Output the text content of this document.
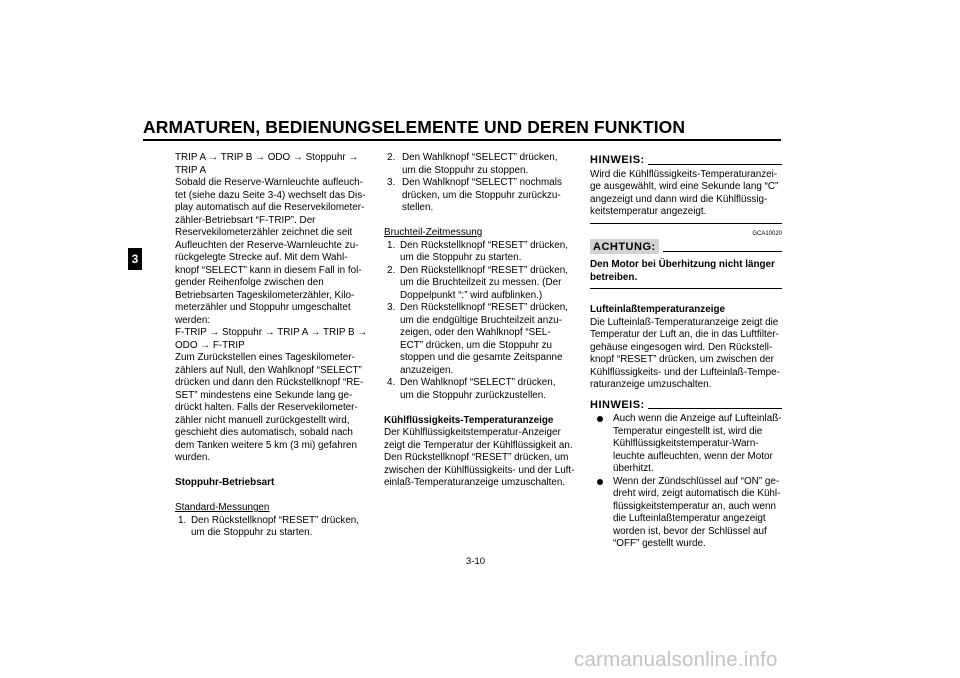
ARMATUREN, BEDIENUNGSELEMENTE UND DEREN FUNKTION
3

TRIP A → TRIP B → ODO → Stoppuhr →

TRIP A

Sobald die Reserve-Warnleuchte aufleuch-

tet (siehe dazu Seite 3-4) wechselt das Dis-

play automatisch auf die Reservekilometer-

zähler-Betriebsart “F-TRIP”. Der

Reservekilometerzähler zeichnet die seit

Aufleuchten der Reserve-Warnleuchte zu-

rückgelegte Strecke auf. Mit dem Wahl-

knopf “SELECT” kann in diesem Fall in fol-

gender Reihenfolge zwischen den

Betriebsarten Tageskilometerzähler, Kilo-

meterzähler und Stoppuhr umgeschaltet

werden:

F-TRIP → Stoppuhr → TRIP A → TRIP B →

ODO → F-TRIP

Zum Zurückstellen eines Tageskilometer-

zählers auf Null, den Wahlknopf “SELECT”

drücken und dann den Rückstellknopf “RE-

SET” mindestens eine Sekunde lang ge-

drückt halten. Falls der Reservekilometer-

zähler nicht manuell zurückgestellt wird,

geschieht dies automatisch, sobald nach

dem Tanken weitere 5 km (3 mi) gefahren

wurden.

Stoppuhr-Betriebsart

Standard-Messungen

1. Den Rückstellknopf “RESET” drücken,
um die Stoppuhr zu starten.
2. Den Wahlknopf “SELECT” drücken,
um die Stoppuhr zu stoppen.
3. Den Wahlknopf “SELECT” nochmals
drücken, um die Stoppuhr zurückzu-
stellen.

Bruchteil-Zeitmessung

1. Den Rückstellknopf “RESET” drücken,
um die Stoppuhr zu starten.
2. Den Rückstellknopf “RESET” drücken,
um die Bruchteilzeit zu messen. (Der
Doppelpunkt “:” wird aufblinken.)
3. Den Rückstellknopf “RESET” drücken,
um die endgültige Bruchteilzeit anzu-
zeigen, oder den Wahlknopf “SEL-
ECT” drücken, um die Stoppuhr zu
stoppen und die gesamte Zeitspanne
anzuzeigen.
4. Den Wahlknopf “SELECT” drücken,
um die Stoppuhr zurückzustellen.

Kühlflüssigkeits-Temperaturanzeige

Der Kühlflüssigkeitstemperatur-Anzeiger

zeigt die Temperatur der Kühlflüssigkeit an.

Den Rückstellknopf “RESET” drücken, um

zwischen der Kühlflüssigkeits- und der Luft-

einlaß-Temperaturanzeige umzuschalten.

HINWEIS:

Wird die Kühlflüssigkeits-Temperaturanzei-

ge ausgewählt, wird eine Sekunde lang “C”

angezeigt und dann wird die Kühlflüssig-

keitstemperatur angezeigt.

GCA10020
ACHTUNG:
Den Motor bei Überhitzung nicht länger
betreiben.

Lufteinlaßtemperaturanzeige

Die Lufteinlaß-Temperaturanzeige zeigt die

Temperatur der Luft an, die in das Luftfilter-

gehäuse eingesogen wird. Den Rückstell-

knopf “RESET” drücken, um zwischen der

Kühlflüssigkeits- und der Lufteinlaß-Tempe-

raturanzeige umzuschalten.

HINWEIS:
Auch wenn die Anzeige auf Lufteinlaß-
Temperatur eingestellt ist, wird die
Kühlflüssigkeitstemperatur-Warn-
leuchte aufleuchten, wenn der Motor
überhitzt.
Wenn der Zündschlüssel auf “ON” ge-
dreht wird, zeigt automatisch die Kühl-
flüssigkeitstemperatur an, auch wenn
die Lufteinlaßtemperatur angezeigt
worden ist, bevor der Schlüssel auf
“OFF” gestellt wurde.
3-10
carmanualsonline.info
